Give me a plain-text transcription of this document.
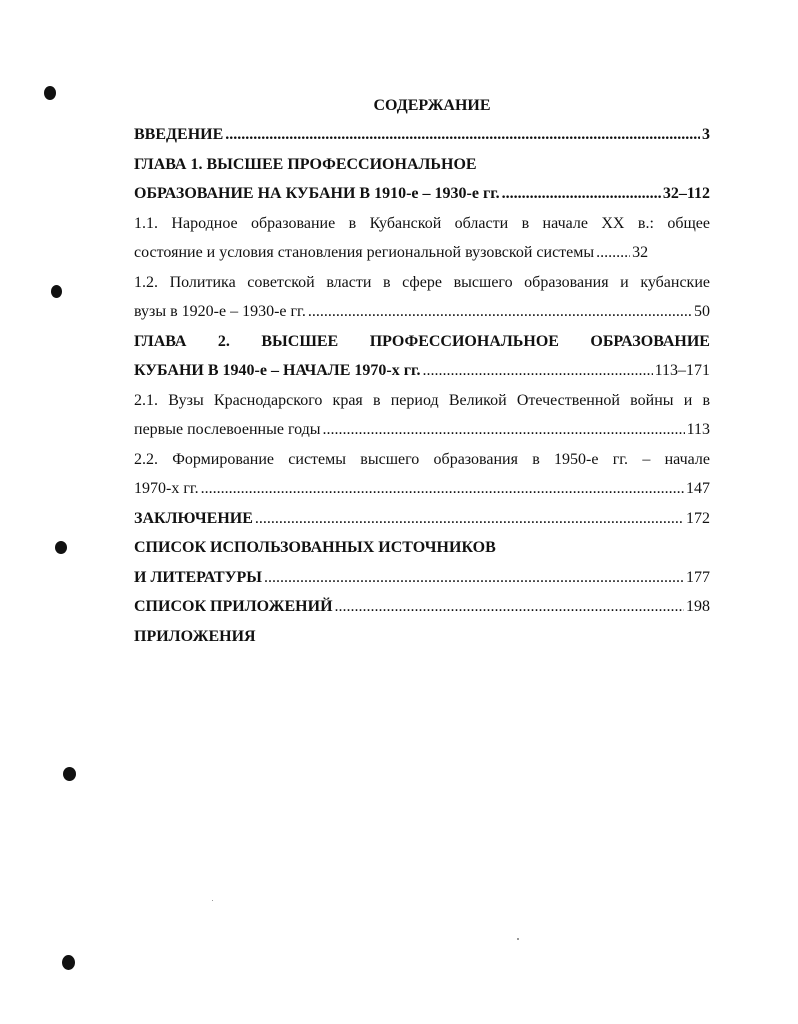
СОДЕРЖАНИЕ
ВВЕДЕНИЕ .....	3
ГЛАВА 1. ВЫСШЕЕ ПРОФЕССИОНАЛЬНОЕ
ОБРАЗОВАНИЕ НА КУБАНИ В 1910-е – 1930-е гг. .....	32–112
1.1. Народное образование в Кубанской области в начале XX в.: общее
состояние и условия становления региональной вузовской системы ..... 32
1.2. Политика советской власти в сфере высшего образования и кубанские
вузы в 1920-е – 1930-е гг. .....	50
ГЛАВА 2. ВЫСШЕЕ ПРОФЕССИОНАЛЬНОЕ ОБРАЗОВАНИЕ
КУБАНИ В 1940-е – НАЧАЛЕ 1970-х гг. .....	113–171
2.1. Вузы Краснодарского края в период Великой Отечественной войны и в
первые послевоенные годы .....	113
2.2. Формирование системы высшего образования в 1950-е гг. – начале
1970-х гг. .....	147
ЗАКЛЮЧЕНИЕ .....	172
СПИСОК ИСПОЛЬЗОВАННЫХ ИСТОЧНИКОВ
И ЛИТЕРАТУРЫ .....	177
СПИСОК ПРИЛОЖЕНИЙ .....	198
ПРИЛОЖЕНИЯ
